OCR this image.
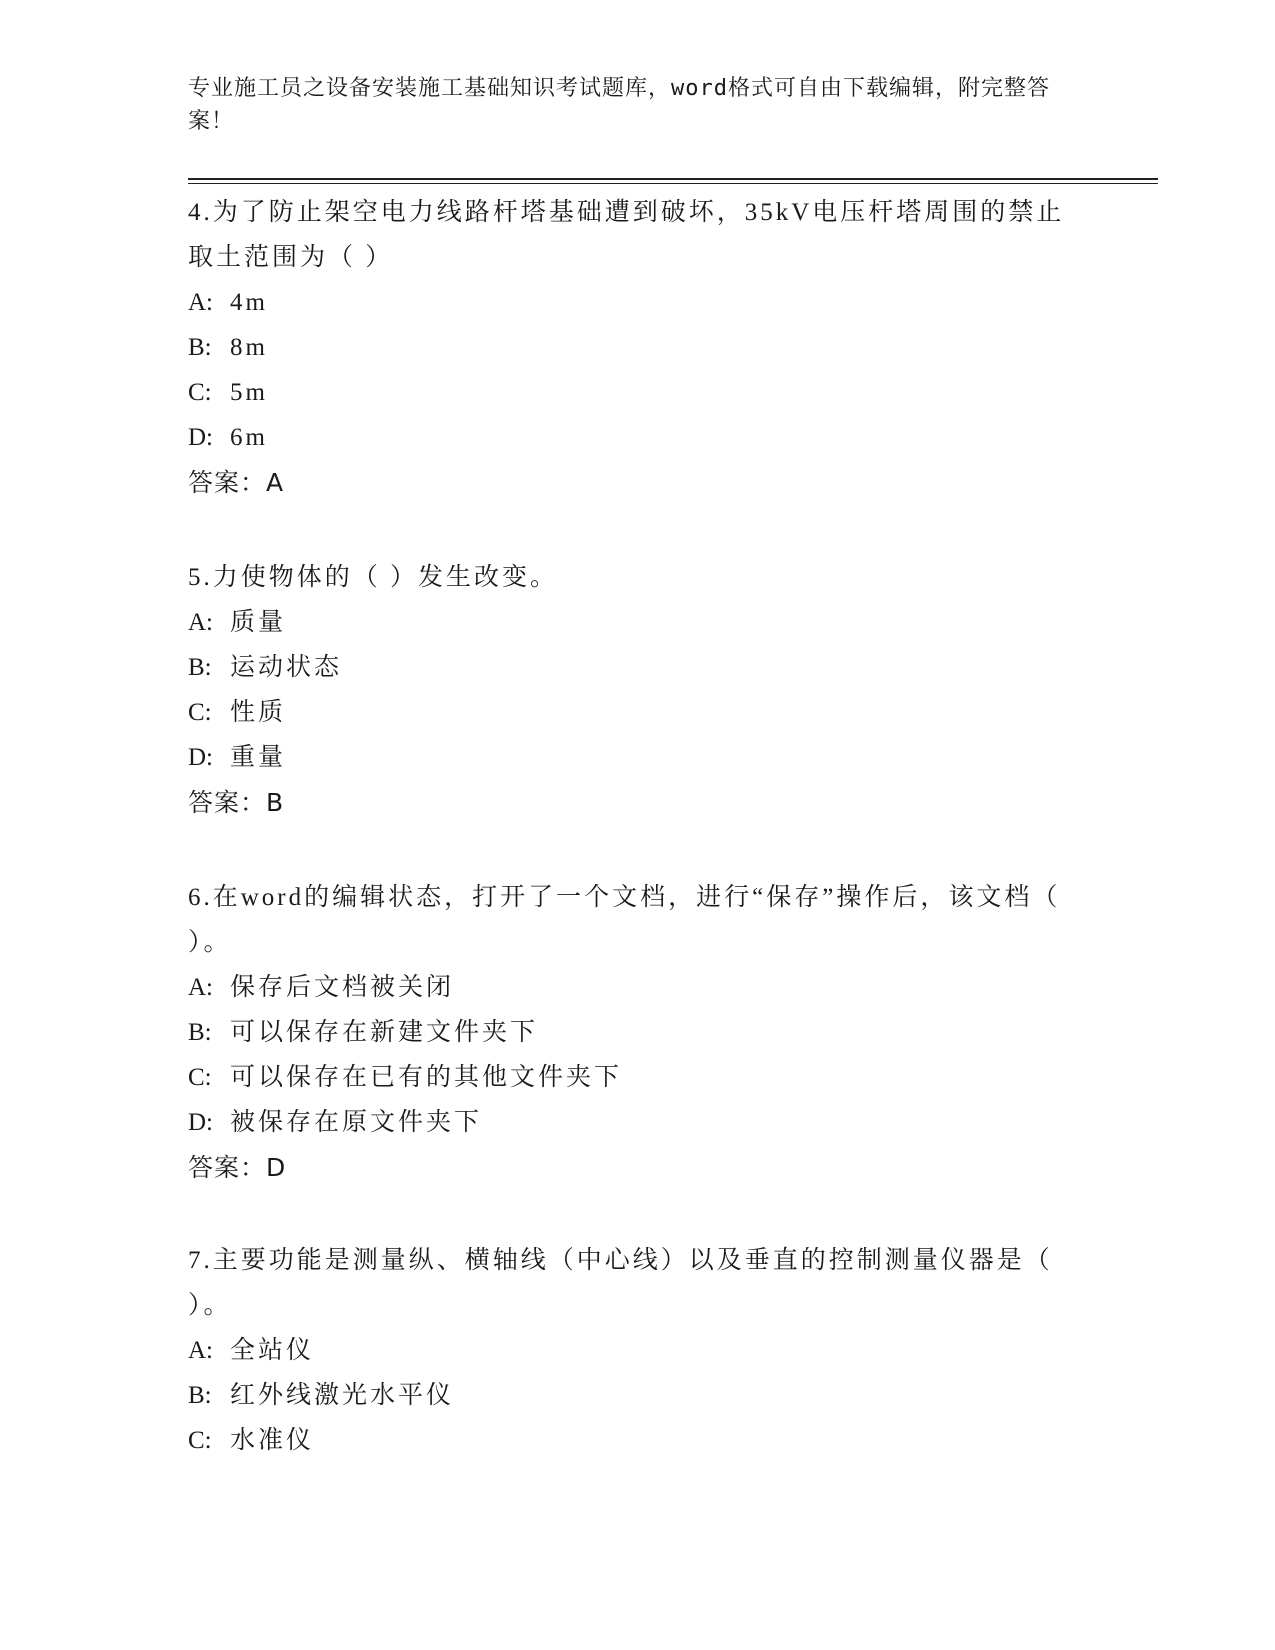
专业施工员之设备安装施工基础知识考试题库，word格式可自由下载编辑，附完整答案！
4.为了防止架空电力线路杆塔基础遭到破坏，35kV电压杆塔周围的禁止取土范围为（ ）
A: 4m
B: 8m
C: 5m
D: 6m
答案：A
5.力使物体的（ ）发生改变。
A: 质量
B: 运动状态
C: 性质
D: 重量
答案：B
6.在word的编辑状态，打开了一个文档，进行“保存”操作后，该文档（ ）。
A: 保存后文档被关闭
B: 可以保存在新建文件夹下
C: 可以保存在已有的其他文件夹下
D: 被保存在原文件夹下
答案：D
7.主要功能是测量纵、横轴线（中心线）以及垂直的控制测量仪器是（ ）。
A: 全站仪
B: 红外线激光水平仪
C: 水准仪
